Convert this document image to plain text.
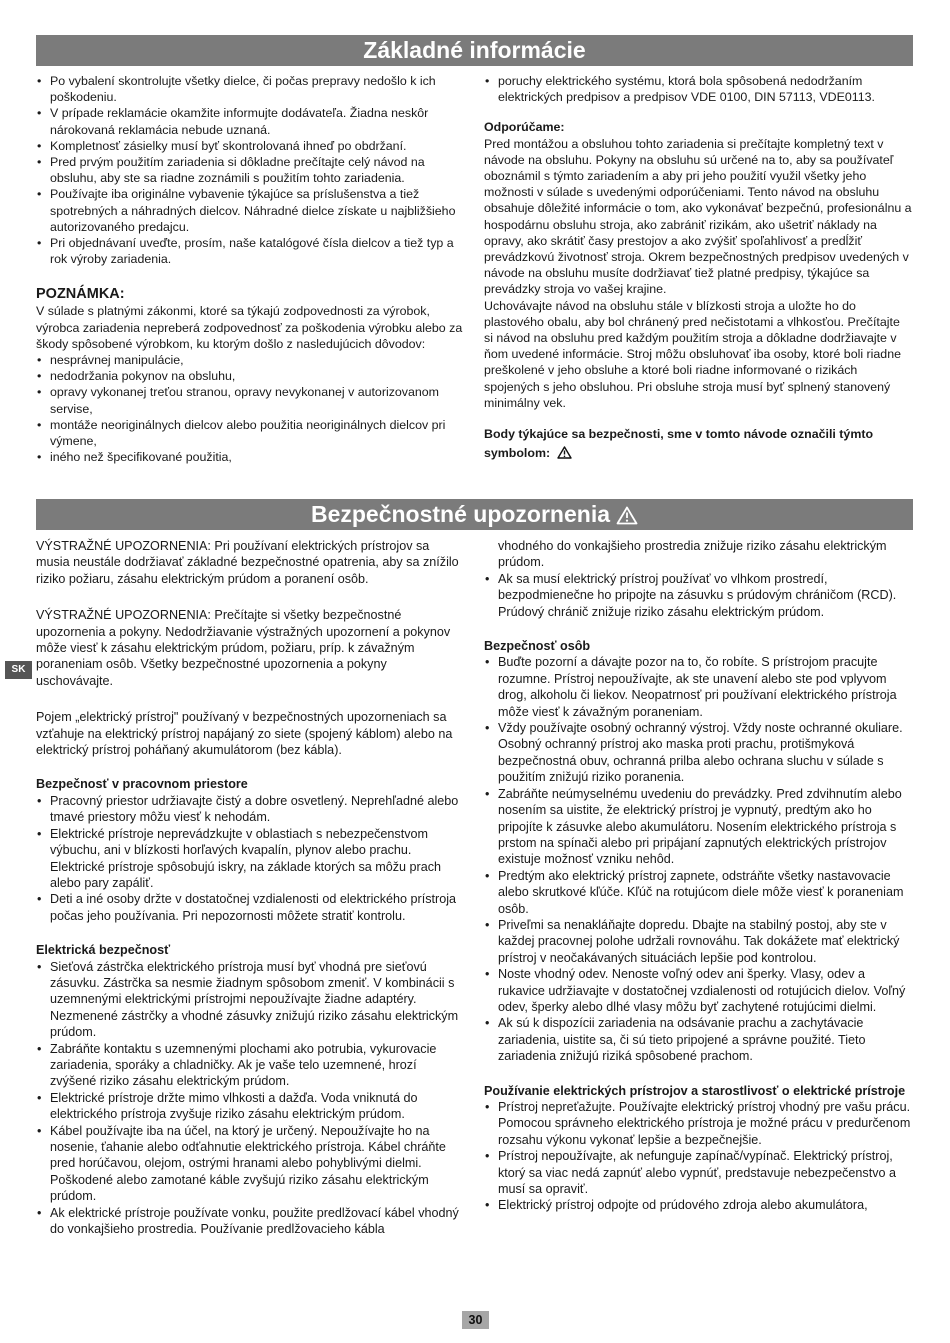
Základné informácie
• Po vybalení skontrolujte všetky dielce, či počas prepravy nedošlo k ich poškodeniu.
• V prípade reklamácie okamžite informujte dodávateľa. Žiadna neskôr nárokovaná reklamácia nebude uznaná.
• Kompletnosť zásielky musí byť skontrolovaná ihneď po obdržaní.
• Pred prvým použitím zariadenia si dôkladne prečítajte celý návod na obsluhu, aby ste sa riadne zoznámili s použitím tohto zariadenia.
• Používajte iba originálne vybavenie týkajúce sa príslušenstva a tiež spotrebných a náhradných dielcov. Náhradné dielce získate u najbližšieho autorizovaného predajcu.
• Pri objednávaní uveďte, prosím, naše katalógové čísla dielcov a tiež typ a rok výroby zariadenia.

POZNÁMKA:

V súlade s platnými zákonmi, ktoré sa týkajú zodpovednosti za výrobok, výrobca zariadenia nepreberá zodpovednosť za poškodenia výrobku alebo za škody spôsobené výrobkom, ku ktorým došlo z nasledujúcich dôvodov:

• nesprávnej manipulácie,
• nedodržania pokynov na obsluhu,
• opravy vykonanej treťou stranou, opravy nevykonanej v autorizovanom servise,
• montáže neoriginálnych dielcov alebo použitia neoriginálnych dielcov pri výmene,
• iného než špecifikované použitia,
• poruchy elektrického systému, ktorá bola spôsobená nedodržaním elektrických predpisov a predpisov VDE 0100, DIN 57113, VDE0113.

Odporúčame:

Pred montážou a obsluhou tohto zariadenia si prečítajte kompletný text v návode na obsluhu. Pokyny na obsluhu sú určené na to, aby sa používateľ oboznámil s týmto zariadením a aby pri jeho použití využil všetky jeho možnosti v súlade s uvedenými odporúčeniami. Tento návod na obsluhu obsahuje dôležité informácie o tom, ako vykonávať bezpečnú, profesionálnu a hospodárnu obsluhu stroja, ako zabrániť rizikám, ako ušetriť náklady na opravy, ako skrátiť časy prestojov a ako zvýšiť spoľahlivosť a predĺžiť prevádzkovú životnosť stroja. Okrem bezpečnostných predpisov uvedených v návode na obsluhu musíte dodržiavať tiež platné predpisy, týkajúce sa prevádzky stroja vo vašej krajine.

Uchovávajte návod na obsluhu stále v blízkosti stroja a uložte ho do plastového obalu, aby bol chránený pred nečistotami a vlhkosťou. Prečítajte si návod na obsluhu pred každým použitím stroja a dôkladne dodržiavajte v ňom uvedené informácie. Stroj môžu obsluhovať iba osoby, ktoré boli riadne preškolené v jeho obsluhe a ktoré boli riadne informované o rizikách spojených s jeho obsluhou. Pri obsluhe stroja musí byť splnený stanovený minimálny vek.

Body týkajúce sa bezpečnosti, sme v tomto návode označili týmto symbolom:

Bezpečnostné upozornenia

VÝSTRAŽNÉ UPOZORNENIA: Pri používaní elektrických prístrojov sa musia neustále dodržiavať základné bezpečnostné opatrenia, aby sa znížilo riziko požiaru, zásahu elektrickým prúdom a poranení osôb.

VÝSTRAŽNÉ UPOZORNENIA: Prečítajte si všetky bezpečnostné upozornenia a pokyny. Nedodržiavanie výstražných upozornení a pokynov môže viesť k zásahu elektrickým prúdom, požiaru, príp. k závažným poraneniam osôb. Všetky bezpečnostné upozornenia a pokyny uschovávajte.

Pojem „elektrický prístroj" používaný v bezpečnostných upozorneniach sa vzťahuje na elektrický prístroj napájaný zo siete (spojený káblom) alebo na elektrický prístroj poháňaný akumulátorom (bez kábla).

Bezpečnosť v pracovnom priestore

• Pracovný priestor udržiavajte čistý a dobre osvetlený. Neprehľadné alebo tmavé priestory môžu viesť k nehodám.
• Elektrické prístroje neprevádzkujte v oblastiach s nebezpečenstvom výbuchu, ani v blízkosti horľavých kvapalín, plynov alebo prachu. Elektrické prístroje spôsobujú iskry, na základe ktorých sa môžu prach alebo pary zapáliť.
• Deti a iné osoby držte v dostatočnej vzdialenosti od elektrického prístroja počas jeho používania. Pri nepozornosti môžete stratiť kontrolu.

Elektrická bezpečnosť

• Sieťová zástrčka elektrického prístroja musí byť vhodná pre sieťovú zásuvku. Zástrčka sa nesmie žiadnym spôsobom zmeniť. V kombinácii s uzemnenými elektrickými prístrojmi nepoužívajte žiadne adaptéry. Nezmenené zástrčky a vhodné zásuvky znižujú riziko zásahu elektrickým prúdom.
• Zabráňte kontaktu s uzemnenými plochami ako potrubia, vykurovacie zariadenia, sporáky a chladničky. Ak je vaše telo uzemnené, hrozí zvýšené riziko zásahu elektrickým prúdom.
• Elektrické prístroje držte mimo vlhkosti a dažďa. Voda vniknutá do elektrického prístroja zvyšuje riziko zásahu elektrickým prúdom.
• Kábel používajte iba na účel, na ktorý je určený. Nepoužívajte ho na nosenie, ťahanie alebo odťahnutie elektrického prístroja. Kábel chráňte pred horúčavou, olejom, ostrými hranami alebo pohyblivými dielmi. Poškodené alebo zamotané káble zvyšujú riziko zásahu elektrickým prúdom.
• Ak elektrické prístroje používate vonku, použite predlžovací kábel vhodný do vonkajšieho prostredia. Používanie predlžovacieho kábla

vhodného do vonkajšieho prostredia znižuje riziko zásahu elektrickým prúdom.

• Ak sa musí elektrický prístroj používať vo vlhkom prostredí, bezpodmienečne ho pripojte na zásuvku s prúdovým chráničom (RCD). Prúdový chránič znižuje riziko zásahu elektrickým prúdom.

Bezpečnosť osôb

• Buďte pozorní a dávajte pozor na to, čo robíte. S prístrojom pracujte rozumne. Prístroj nepoužívajte, ak ste unavení alebo ste pod vplyvom drog, alkoholu či liekov. Neopatrnosť pri používaní elektrického prístroja môže viesť k závažným poraneniam.
• Vždy používajte osobný ochranný výstroj. Vždy noste ochranné okuliare. Osobný ochranný prístroj ako maska proti prachu, protišmyková bezpečnostná obuv, ochranná prilba alebo ochrana sluchu v súlade s použitím znižujú riziko poranenia.
• Zabráňte neúmyselnému uvedeniu do prevádzky. Pred zdvihnutím alebo nosením sa uistite, že elektrický prístroj je vypnutý, predtým ako ho pripojíte k zásuvke alebo akumulátoru. Nosením elektrického prístroja s prstom na spínači alebo pri pripájaní zapnutých elektrických prístrojov existuje možnosť vzniku nehôd.
• Predtým ako elektrický prístroj zapnete, odstráňte všetky nastavovacie alebo skrutkové kľúče. Kľúč na rotujúcom diele môže viesť k poraneniam osôb.
• Priveľmi sa nenakláňajte dopredu. Dbajte na stabilný postoj, aby ste v každej pracovnej polohe udržali rovnováhu. Tak dokážete mať elektrický prístroj v neočakávaných situáciách lepšie pod kontrolou.
• Noste vhodný odev. Nenoste voľný odev ani šperky. Vlasy, odev a rukavice udržiavajte v dostatočnej vzdialenosti od rotujúcich dielov. Voľný odev, šperky alebo dlhé vlasy môžu byť zachytené rotujúcimi dielmi.
• Ak sú k dispozícii zariadenia na odsávanie prachu a zachytávacie zariadenia, uistite sa, či sú tieto pripojené a správne použité. Tieto zariadenia znižujú riziká spôsobené prachom.

Používanie elektrických prístrojov a starostlivosť o elektrické prístroje

• Prístroj nepreťažujte. Používajte elektrický prístroj vhodný pre vašu prácu. Pomocou správneho elektrického prístroja je možné prácu v predurčenom rozsahu výkonu vykonať lepšie a bezpečnejšie.
• Prístroj nepoužívajte, ak nefunguje zapínač/vypínač. Elektrický prístroj, ktorý sa viac nedá zapnúť alebo vypnúť, predstavuje nebezpečenstvo a musí sa opraviť.
• Elektrický prístroj odpojte od prúdového zdroja alebo akumulátora,
SK
30
